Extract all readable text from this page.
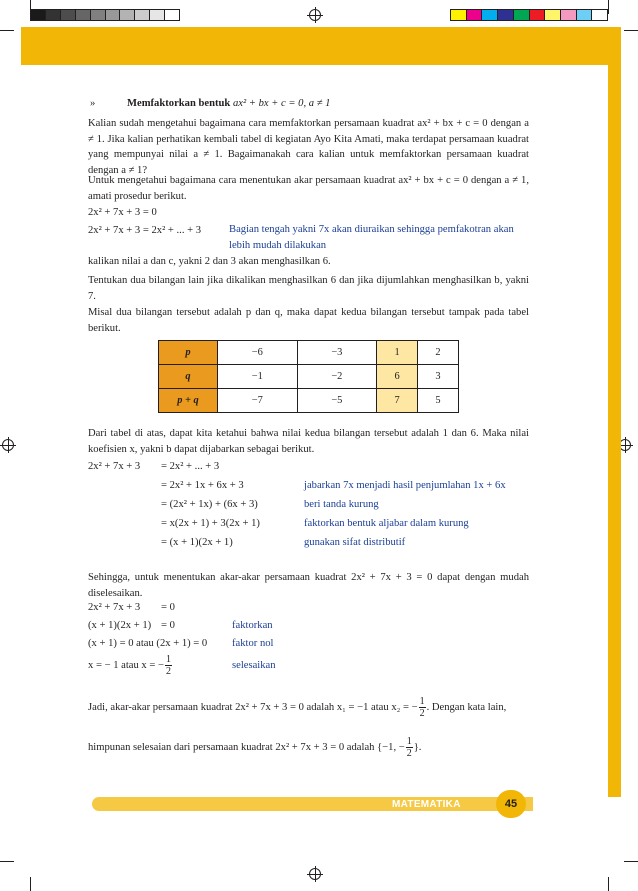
MATEMATIKA	45
»	Memfaktorkan bentuk ax² + bx + c = 0, a ≠ 1
Kalian sudah mengetahui bagaimana cara memfaktorkan persamaan kuadrat ax² + bx + c = 0 dengan a ≠ 1. Jika kalian perhatikan kembali tabel di kegiatan Ayo Kita Amati, maka terdapat persamaan kuadrat yang mempunyai nilai a ≠ 1. Bagaimanakah cara kalian untuk memfaktorkan persamaan kuadrat dengan a ≠ 1?
Untuk mengetahui bagaimana cara menentukan akar persamaan kuadrat ax² + bx + c = 0 dengan a ≠ 1, amati prosedur berikut.
2x² + 7x + 3 = 0
2x² + 7x + 3 = 2x² + ... + 3	Bagian tengah yakni 7x akan diuraikan sehingga pemfakotran akan lebih mudah dilakukan
kalikan nilai a dan c, yakni 2 dan 3 akan menghasilkan 6.
Tentukan dua bilangan lain jika dikalikan menghasilkan 6 dan jika dijumlahkan menghasilkan b, yakni 7.
Misal dua bilangan tersebut adalah p dan q, maka dapat kedua bilangan tersebut tampak pada tabel berikut.
p	−6	−3	1	2
q	−1	−2	6	3
p + q	−7	−5	7	5
Dari tabel di atas, dapat kita ketahui bahwa nilai kedua bilangan tersebut adalah 1 dan 6. Maka nilai koefisien x, yakni b dapat dijabarkan sebagai berikut.
2x² + 7x + 3 = 2x² + ... + 3
= 2x² + 1x + 6x + 3	jabarkan 7x menjadi hasil penjumlahan 1x + 6x
= (2x² + 1x) + (6x + 3)	beri tanda kurung
= x(2x + 1) + 3(2x + 1)	faktorkan bentuk aljabar dalam kurung
= (x + 1)(2x + 1)	gunakan sifat distributif
Sehingga, untuk menentukan akar-akar persamaan kuadrat 2x² + 7x + 3 = 0 dapat dengan mudah diselesaikan.
2x² + 7x + 3 = 0
(x + 1)(2x + 1) = 0	faktorkan
(x + 1) = 0 atau (2x + 1) = 0 faktor nol
x = − 1 atau x = − $\frac{1}{2}$	selesaikan
Jadi, akar-akar persamaan kuadrat 2x² + 7x + 3 = 0 adalah x₁ = −1 atau x₂ = − $\frac{1}{2}$ . Dengan kata lain,
himpunan selesaian dari persamaan kuadrat 2x² + 7x + 3 = 0 adalah {−1, − $\frac{1}{2}$ }.
